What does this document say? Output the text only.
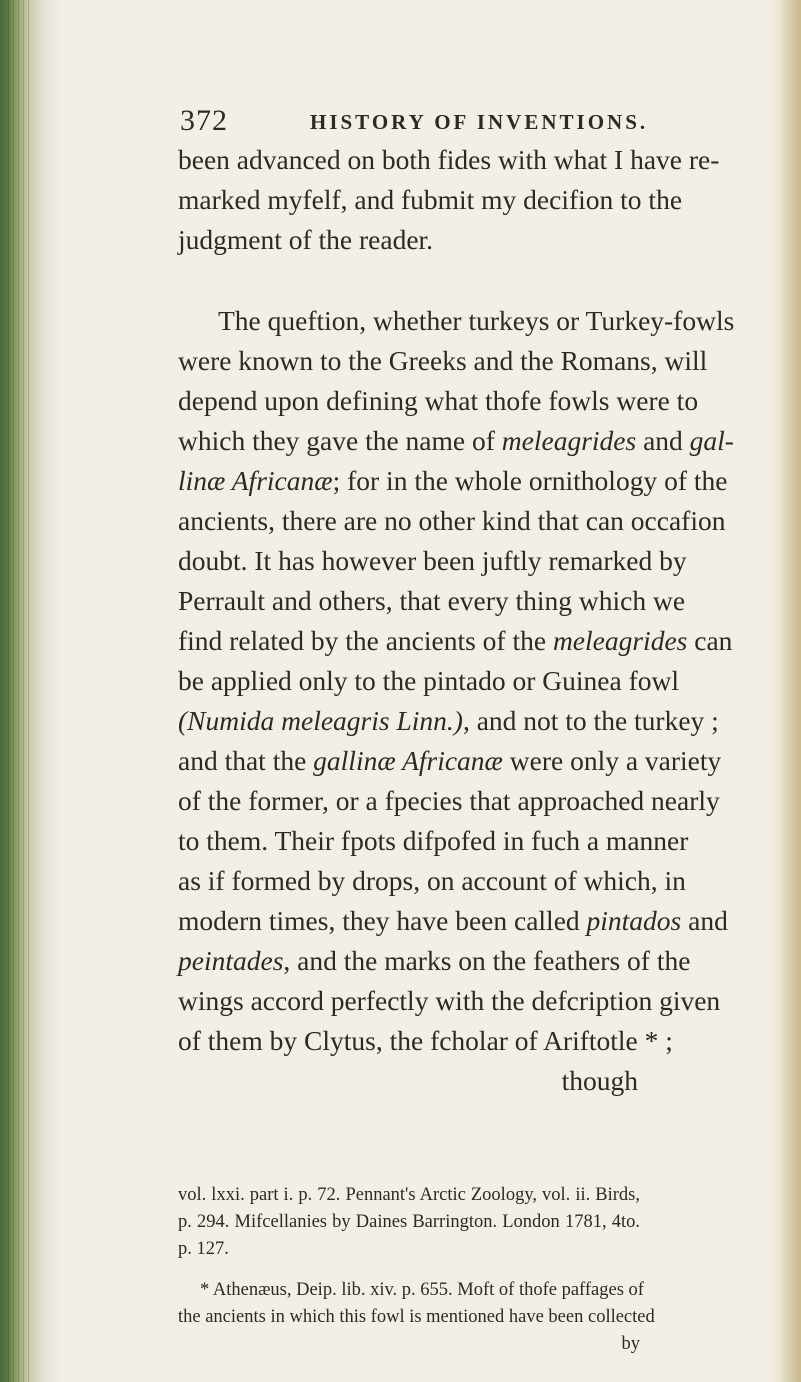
372	HISTORY OF INVENTIONS.
been advanced on both fides with what I have re-
marked myfelf, and fubmit my decifion to the
judgment of the reader.
The queftion, whether turkeys or Turkey-fowls
were known to the Greeks and the Romans, will
depend upon defining what thofe fowls were to
which they gave the name of meleagrides and gal-
linæ Africanæ; for in the whole ornithology of the
ancients, there are no other kind that can occafion
doubt. It has however been juftly remarked by
Perrault and others, that every thing which we
find related by the ancients of the meleagrides can
be applied only to the pintado or Guinea fowl
(Numida meleagris Linn.), and not to the turkey ;
and that the gallinæ Africanæ were only a variety
of the former, or a fpecies that approached nearly
to them. Their fpots difpofed in fuch a manner
as if formed by drops, on account of which, in
modern times, they have been called pintados and
peintades, and the marks on the feathers of the
wings accord perfectly with the defcription given
of them by Clytus, the fcholar of Ariftotle * ;
though
vol. lxxi. part i. p. 72. Pennant's Arctic Zoology, vol. ii. Birds,
p. 294. Mifcellanies by Daines Barrington. London 1781, 4to.
p. 127.
* Athenæus, Deip. lib. xiv. p. 655. Moft of thofe paffages of
the ancients in which this fowl is mentioned have been collected
by
